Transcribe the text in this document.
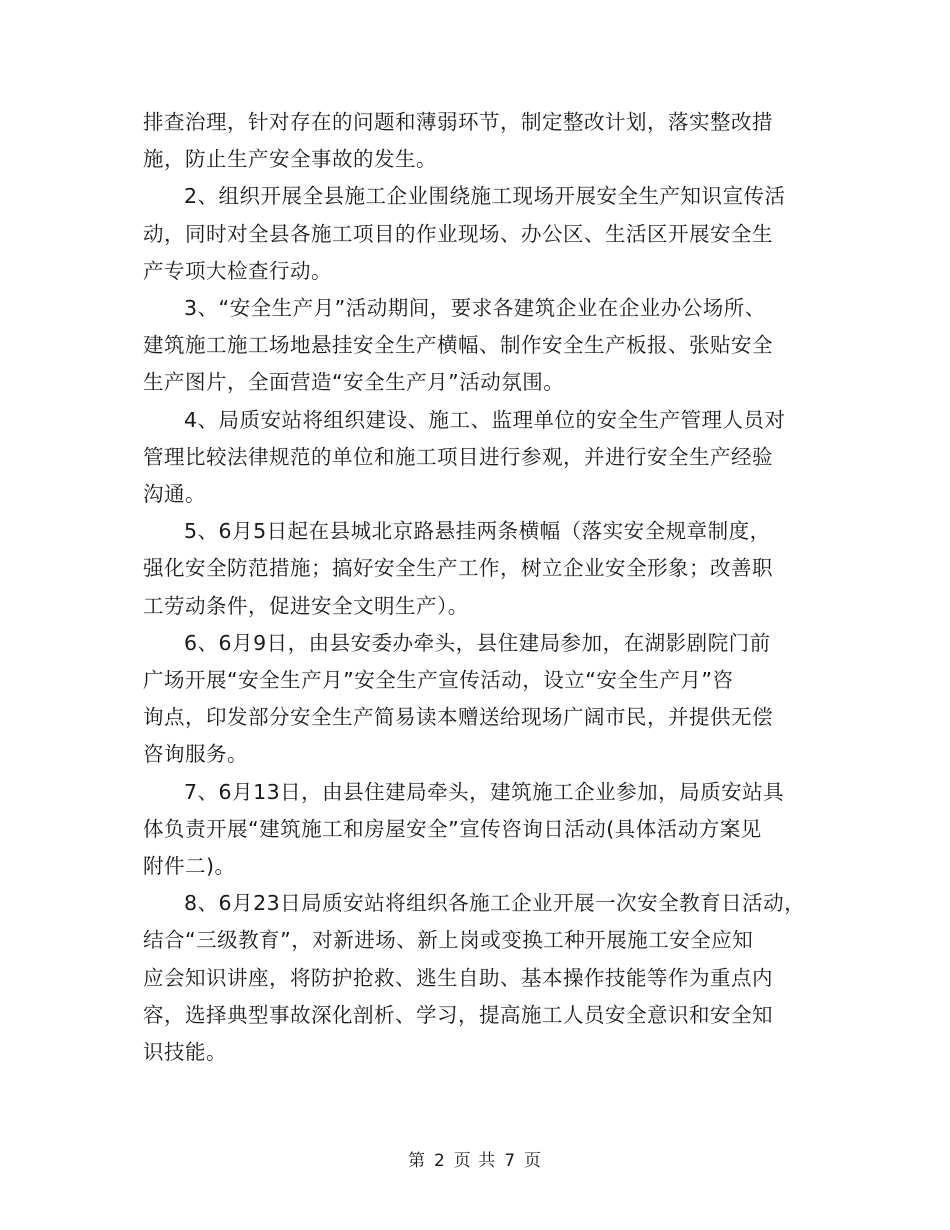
排查治理，针对存在的问题和薄弱环节，制定整改计划，落实整改措
施，防止生产安全事故的发生。

2、组织开展全县施工企业围绕施工现场开展安全生产知识宣传活
动，同时对全县各施工项目的作业现场、办公区、生活区开展安全生
产专项大检查行动。

3、“安全生产月”活动期间，要求各建筑企业在企业办公场所、
建筑施工施工场地悬挂安全生产横幅、制作安全生产板报、张贴安全
生产图片，全面营造“安全生产月”活动氛围。

4、局质安站将组织建设、施工、监理单位的安全生产管理人员对
管理比较法律规范的单位和施工项目进行参观，并进行安全生产经验
沟通。

5、6月5日起在县城北京路悬挂两条横幅（落实安全规章制度，
强化安全防范措施；搞好安全生产工作，树立企业安全形象；改善职
工劳动条件，促进安全文明生产）。

6、6月9日，由县安委办牵头，县住建局参加，在湖影剧院门前
广场开展“安全生产月”安全生产宣传活动，设立“安全生产月”咨
询点，印发部分安全生产简易读本赠送给现场广阔市民，并提供无偿
咨询服务。

7、6月13日，由县住建局牵头，建筑施工企业参加，局质安站具
体负责开展“建筑施工和房屋安全”宣传咨询日活动(具体活动方案见
附件二)。

8、6月23日局质安站将组织各施工企业开展一次安全教育日活动，
结合“三级教育”，对新进场、新上岗或变换工种开展施工安全应知
应会知识讲座，将防护抢救、逃生自助、基本操作技能等作为重点内
容，选择典型事故深化剖析、学习，提高施工人员安全意识和安全知
识技能。

第 2 页 共 7 页
